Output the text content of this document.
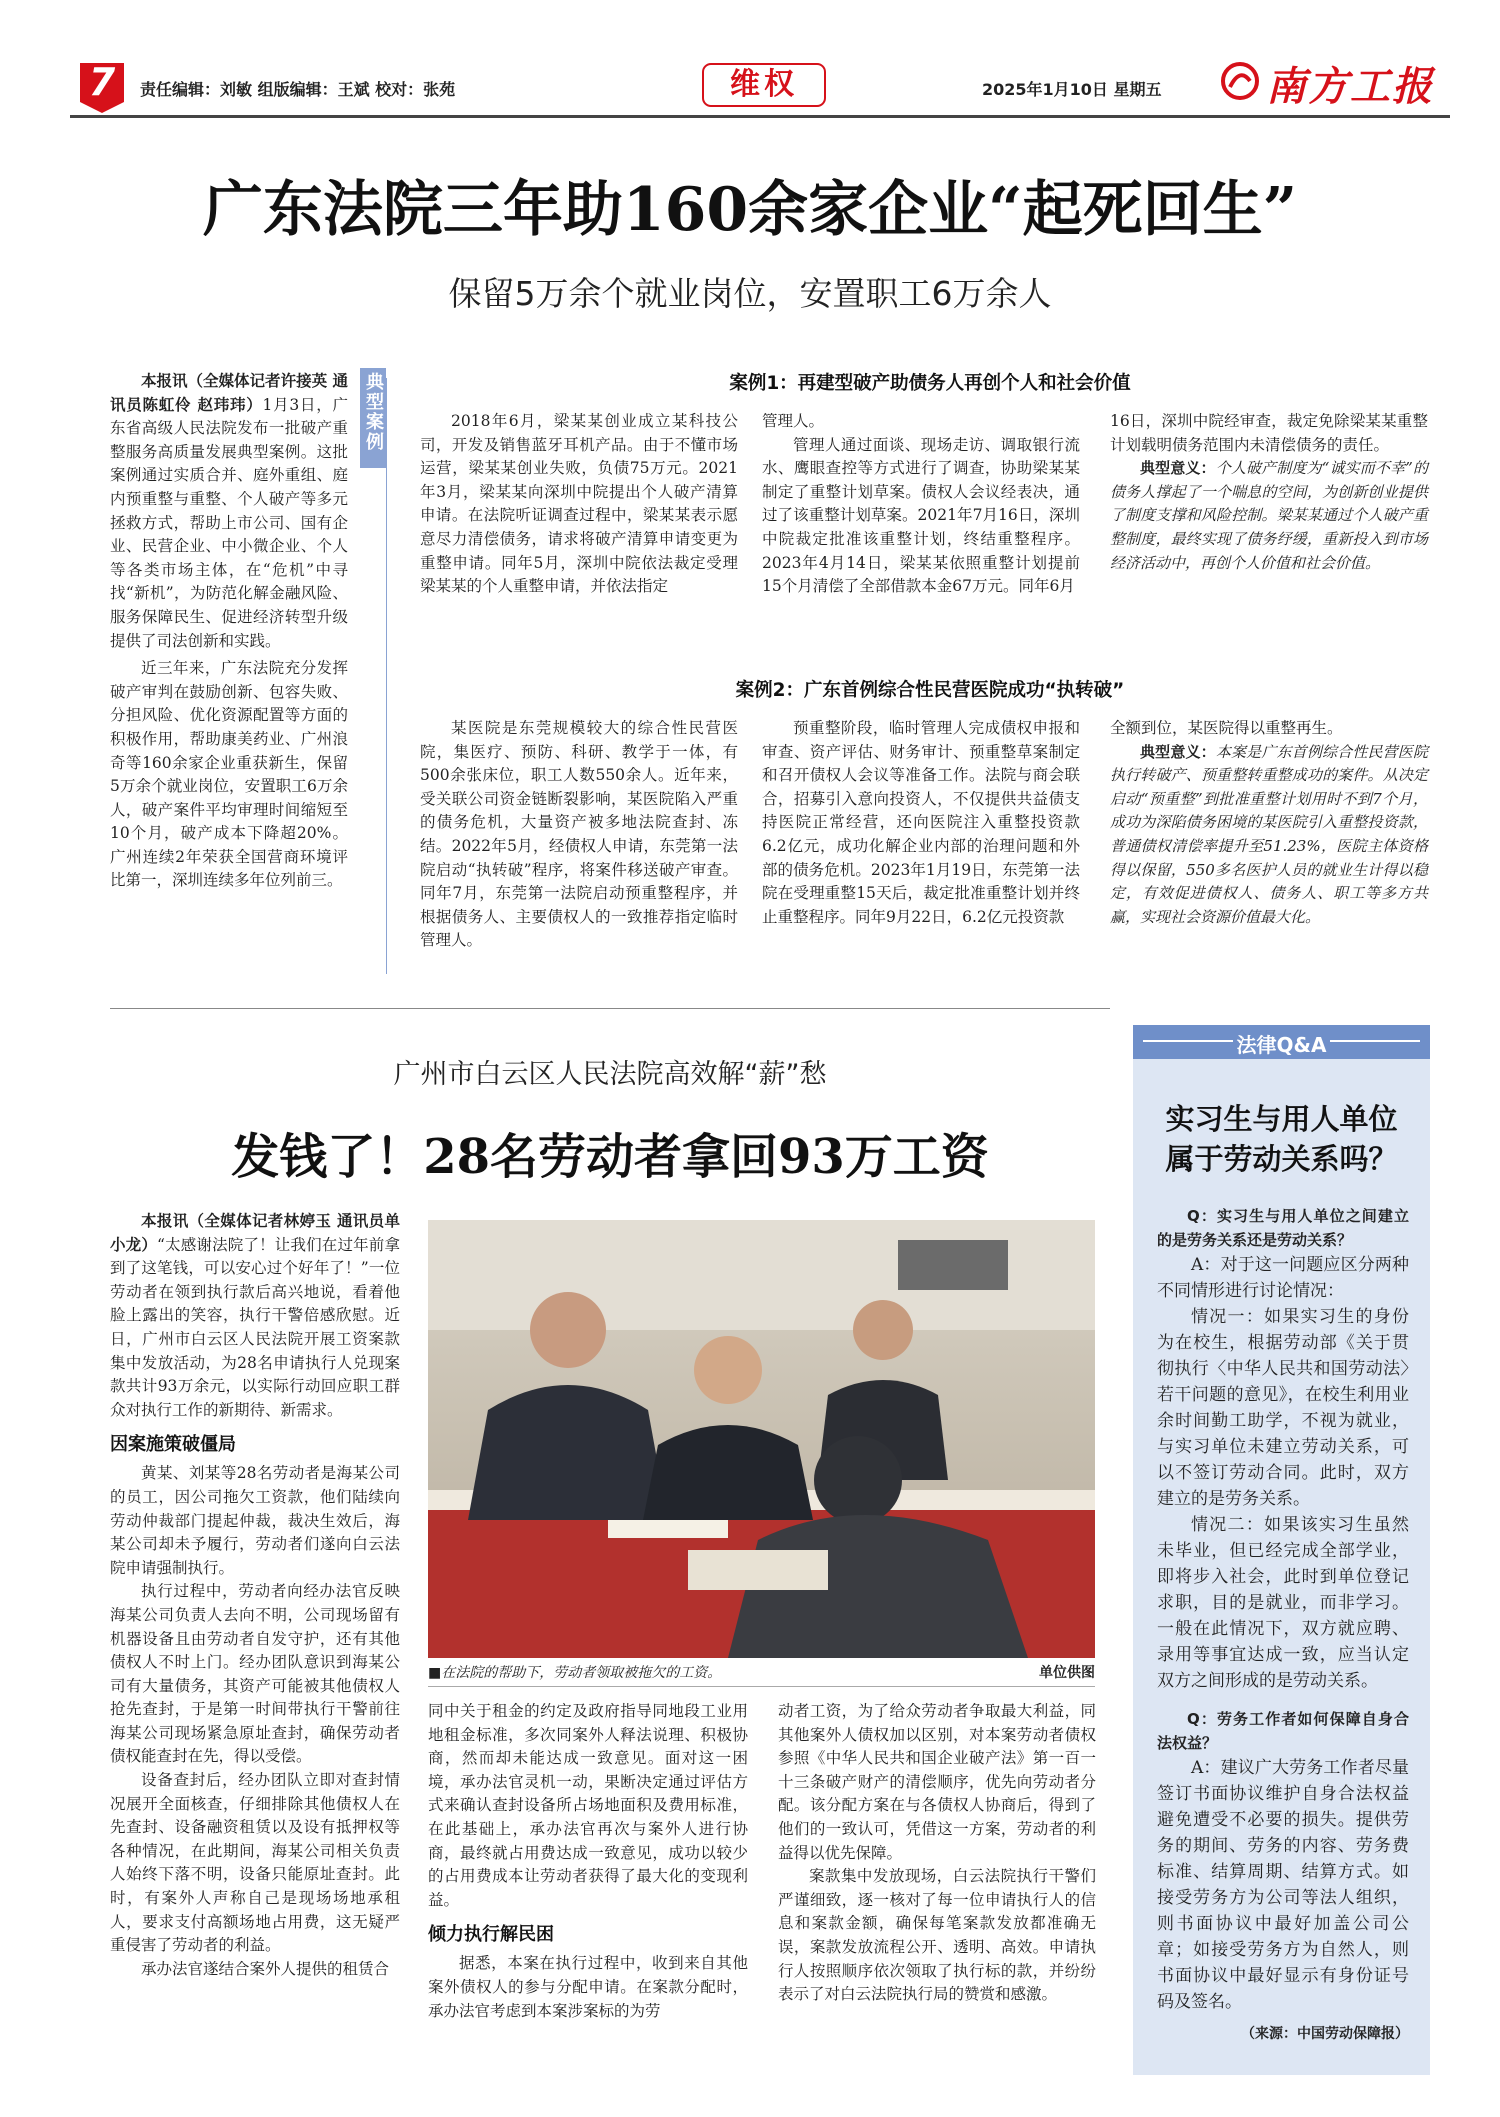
7	责任编辑：刘敏 组版编辑：王斌 校对：张苑	维权	2025年1月10日 星期五	南方工报
广东法院三年助160余家企业“起死回生”
保留5万余个就业岗位，安置职工6万余人

本报讯（全媒体记者许接英 通讯员陈虹伶 赵玮玮）1月3日，广东省高级人民法院发布一批破产重整服务高质量发展典型案例。这批案例通过实质合并、庭外重组、庭内预重整与重整、个人破产等多元拯救方式，帮助上市公司、国有企业、民营企业、中小微企业、个人等各类市场主体，在“危机”中寻找“新机”，为防范化解金融风险、服务保障民生、促进经济转型升级提供了司法创新和实践。

近三年来，广东法院充分发挥破产审判在鼓励创新、包容失败、分担风险、优化资源配置等方面的积极作用，帮助康美药业、广州浪奇等160余家企业重获新生，保留5万余个就业岗位，安置职工6万余人，破产案件平均审理时间缩短至10个月，破产成本下降超20%。广州连续2年荣获全国营商环境评比第一，深圳连续多年位列前三。

典型案例	案例1：再建型破产助债务人再创个人和社会价值

2018年6月，梁某某创业成立某科技公司，开发及销售蓝牙耳机产品。由于不懂市场运营，梁某某创业失败，负债75万元。2021年3月，梁某某向深圳中院提出个人破产清算申请。在法院听证调查过程中，梁某某表示愿意尽力清偿债务，请求将破产清算申请变更为重整申请。同年5月，深圳中院依法裁定受理梁某某的个人重整申请，并依法指定

管理人。

管理人通过面谈、现场走访、调取银行流水、鹰眼查控等方式进行了调查，协助梁某某制定了重整计划草案。债权人会议经表决，通过了该重整计划草案。2021年7月16日，深圳中院裁定批准该重整计划，终结重整程序。2023年4月14日，梁某某依照重整计划提前15个月清偿了全部借款本金67万元。同年6月

16日，深圳中院经审查，裁定免除梁某某重整计划载明债务范围内未清偿债务的责任。

典型意义：个人破产制度为“诚实而不幸”的债务人撑起了一个喘息的空间，为创新创业提供了制度支撑和风险控制。梁某某通过个人破产重整制度，最终实现了债务纾缓，重新投入到市场经济活动中，再创个人价值和社会价值。

案例2：广东首例综合性民营医院成功“执转破”

某医院是东莞规模较大的综合性民营医院，集医疗、预防、科研、教学于一体，有500余张床位，职工人数550余人。近年来，受关联公司资金链断裂影响，某医院陷入严重的债务危机，大量资产被多地法院查封、冻结。2022年5月，经债权人申请，东莞第一法院启动“执转破”程序，将案件移送破产审查。同年7月，东莞第一法院启动预重整程序，并根据债务人、主要债权人的一致推荐指定临时管理人。

预重整阶段，临时管理人完成债权申报和审查、资产评估、财务审计、预重整草案制定和召开债权人会议等准备工作。法院与商会联合，招募引入意向投资人，不仅提供共益债支持医院正常经营，还向医院注入重整投资款6.2亿元，成功化解企业内部的治理问题和外部的债务危机。2023年1月19日，东莞第一法院在受理重整15天后，裁定批准重整计划并终止重整程序。同年9月22日，6.2亿元投资款

全额到位，某医院得以重整再生。

典型意义：本案是广东首例综合性民营医院执行转破产、预重整转重整成功的案件。从决定启动“预重整”到批准重整计划用时不到7个月，成功为深陷债务困境的某医院引入重整投资款，普通债权清偿率提升至51.23%，医院主体资格得以保留，550多名医护人员的就业生计得以稳定，有效促进债权人、债务人、职工等多方共赢，实现社会资源价值最大化。

广州市白云区人民法院高效解“薪”愁
发钱了！28名劳动者拿回93万工资

本报讯（全媒体记者林婷玉 通讯员单小龙）“太感谢法院了！让我们在过年前拿到了这笔钱，可以安心过个好年了！”一位劳动者在领到执行款后高兴地说，看着他脸上露出的笑容，执行干警倍感欣慰。近日，广州市白云区人民法院开展工资案款集中发放活动，为28名申请执行人兑现案款共计93万余元，以实际行动回应职工群众对执行工作的新期待、新需求。

因案施策破僵局

黄某、刘某等28名劳动者是海某公司的员工，因公司拖欠工资款，他们陆续向劳动仲裁部门提起仲裁，裁决生效后，海某公司却未予履行，劳动者们遂向白云法院申请强制执行。

执行过程中，劳动者向经办法官反映海某公司负责人去向不明，公司现场留有机器设备且由劳动者自发守护，还有其他债权人不时上门。经办团队意识到海某公司有大量债务，其资产可能被其他债权人抢先查封，于是第一时间带执行干警前往海某公司现场紧急原址查封，确保劳动者债权能查封在先，得以受偿。

设备查封后，经办团队立即对查封情况展开全面核查，仔细排除其他债权人在先查封、设备融资租赁以及设有抵押权等各种情况，在此期间，海某公司相关负责人始终下落不明，设备只能原址查封。此时，有案外人声称自己是现场场地承租人，要求支付高额场地占用费，这无疑严重侵害了劳动者的利益。

承办法官遂结合案外人提供的租赁合

■在法院的帮助下，劳动者领取被拖欠的工资。	单位供图

同中关于租金的约定及政府指导同地段工业用地租金标准，多次同案外人释法说理、积极协商，然而却未能达成一致意见。面对这一困境，承办法官灵机一动，果断决定通过评估方式来确认查封设备所占场地面积及费用标准，在此基础上，承办法官再次与案外人进行协商，最终就占用费达成一致意见，成功以较少的占用费成本让劳动者获得了最大化的变现利益。

倾力执行解民困

据悉，本案在执行过程中，收到来自其他案外债权人的参与分配申请。在案款分配时，承办法官考虑到本案涉案标的为劳

动者工资，为了给众劳动者争取最大利益，同其他案外人债权加以区别，对本案劳动者债权参照《中华人民共和国企业破产法》第一百一十三条破产财产的清偿顺序，优先向劳动者分配。该分配方案在与各债权人协商后，得到了他们的一致认可，凭借这一方案，劳动者的利益得以优先保障。

案款集中发放现场，白云法院执行干警们严谨细致，逐一核对了每一位申请执行人的信息和案款金额，确保每笔案款发放都准确无误，案款发放流程公开、透明、高效。申请执行人按照顺序依次领取了执行标的款，并纷纷表示了对白云法院执行局的赞赏和感激。

法律Q&A
实习生与用人单位
属于劳动关系吗？

Q：实习生与用人单位之间建立的是劳务关系还是劳动关系？

A：对于这一问题应区分两种不同情形进行讨论情况：

情况一：如果实习生的身份为在校生，根据劳动部《关于贯彻执行〈中华人民共和国劳动法〉若干问题的意见》，在校生利用业余时间勤工助学，不视为就业，与实习单位未建立劳动关系，可以不签订劳动合同。此时，双方建立的是劳务关系。

情况二：如果该实习生虽然未毕业，但已经完成全部学业，即将步入社会，此时到单位登记求职，目的是就业，而非学习。一般在此情况下，双方就应聘、录用等事宜达成一致，应当认定双方之间形成的是劳动关系。

Q：劳务工作者如何保障自身合法权益？

A：建议广大劳务工作者尽量签订书面协议维护自身合法权益避免遭受不必要的损失。提供劳务的期间、劳务的内容、劳务费标准、结算周期、结算方式。如接受劳务方为公司等法人组织，则书面协议中最好加盖公司公章；如接受劳务方为自然人，则书面协议中最好显示有身份证号码及签名。

（来源：中国劳动保障报）
